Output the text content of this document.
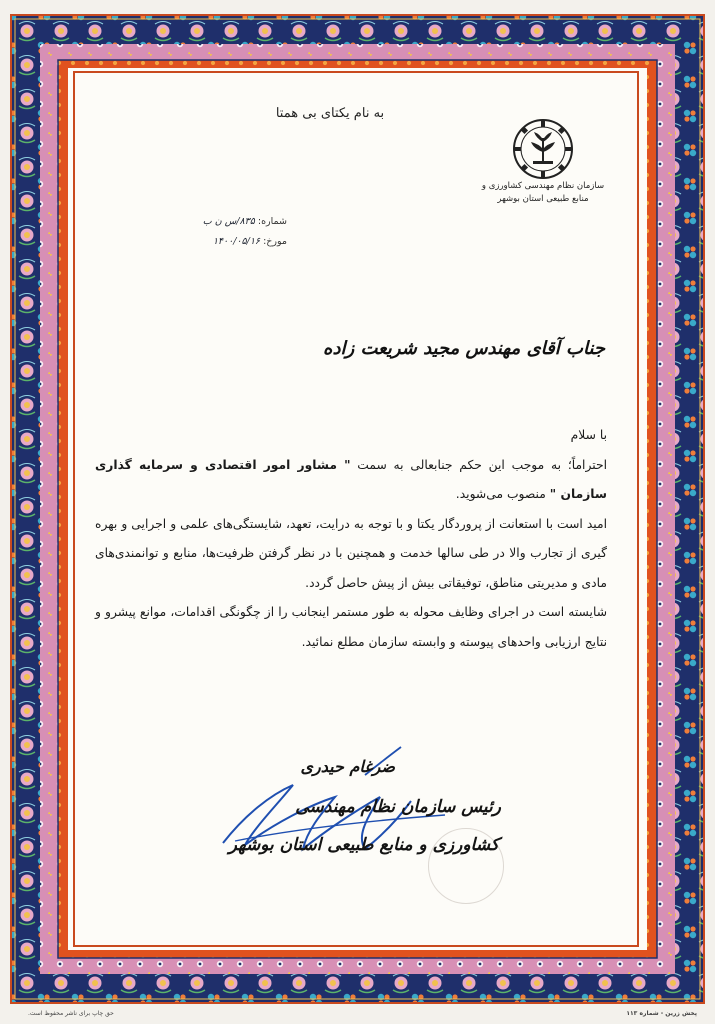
به نام یکتای بی همتا
سازمان نظام مهندسی کشاورزی و
منابع طبیعی استان بوشهر
شماره: ۸۳۵/س ن ب
مورخ: ۱۴۰۰/۰۵/۱۶
جناب آقای مهندس مجید شریعت زاده

با سلام

احتراماً؛ به موجب این حکم جنابعالی به سمت " مشاور امور اقتصادی و سرمایه گذاری سازمان " منصوب می‌شوید.

امید است با استعانت از پروردگار یکتا و با توجه به درایت، تعهد، شایستگی‌های علمی و اجرایی و بهره گیری از تجارب والا در طی سالها خدمت و همچنین با در نظر گرفتن ظرفیت‌ها، منابع و توانمندی‌های مادی و مدیریتی مناطق، توفیقاتی بیش از پیش حاصل گردد.

شایسته است در اجرای وظایف محوله به طور مستمر اینجانب را از چگونگی اقدامات، موانع پیشرو و نتایج ارزیابی واحدهای پیوسته و وابسته سازمان مطلع نمائید.

ضرغام حیدری
رئیس سازمان نظام مهندسی
کشاورزی و منابع طبیعی استان بوشهر
حق چاپ برای ناشر محفوظ است.	پخش زرین - شماره ۱۱۳
